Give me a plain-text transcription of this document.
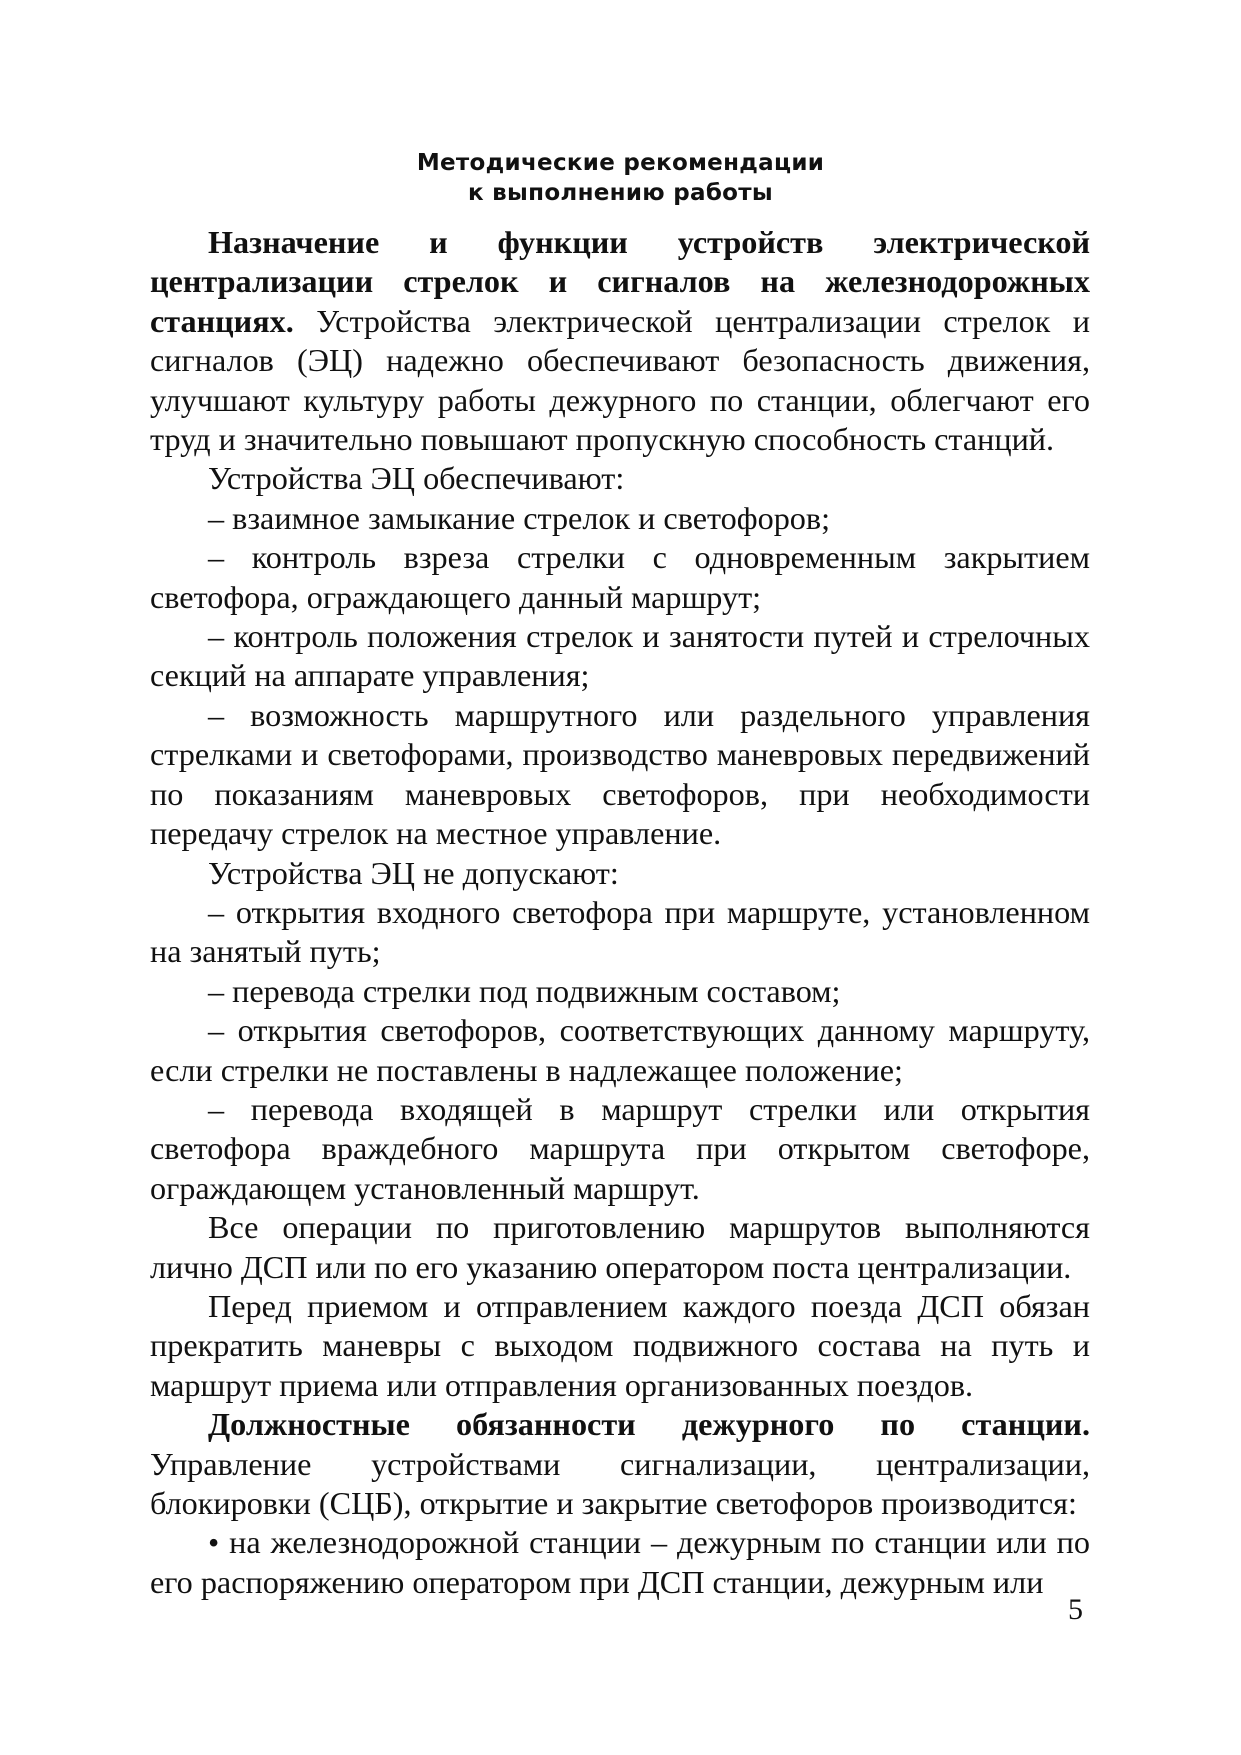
Методические рекомендации
к выполнению работы

Назначение и функции устройств электрической централизации стрелок и сигналов на железнодорожных станциях. Устройства электрической централизации стрелок и сигналов (ЭЦ) надежно обеспечивают безопасность движения, улучшают культуру работы дежурного по станции, облегчают его труд и значительно повышают пропускную способность станций.

Устройства ЭЦ обеспечивают:

– взаимное замыкание стрелок и светофоров;

– контроль взреза стрелки с одновременным закрытием светофора, ограждающего данный маршрут;

– контроль положения стрелок и занятости путей и стрелочных секций на аппарате управления;

– возможность маршрутного или раздельного управления стрелками и светофорами, производство маневровых передвижений по показаниям маневровых светофоров, при необходимости передачу стрелок на местное управление.

Устройства ЭЦ не допускают:

– открытия входного светофора при маршруте, установленном на занятый путь;

– перевода стрелки под подвижным составом;

– открытия светофоров, соответствующих данному маршруту, если стрелки не поставлены в надлежащее положение;

– перевода входящей в маршрут стрелки или открытия светофора враждебного маршрута при открытом светофоре, ограждающем установленный маршрут.

Все операции по приготовлению маршрутов выполняются лично ДСП или по его указанию оператором поста централизации.

Перед приемом и отправлением каждого поезда ДСП обязан прекратить маневры с выходом подвижного состава на путь и маршрут приема или отправления организованных поездов.

Должностные обязанности дежурного по станции. Управление устройствами сигнализации, централизации, блокировки (СЦБ), открытие и закрытие светофоров производится:

• на железнодорожной станции – дежурным по станции или по его распоряжению оператором при ДСП станции, дежурным или

5
